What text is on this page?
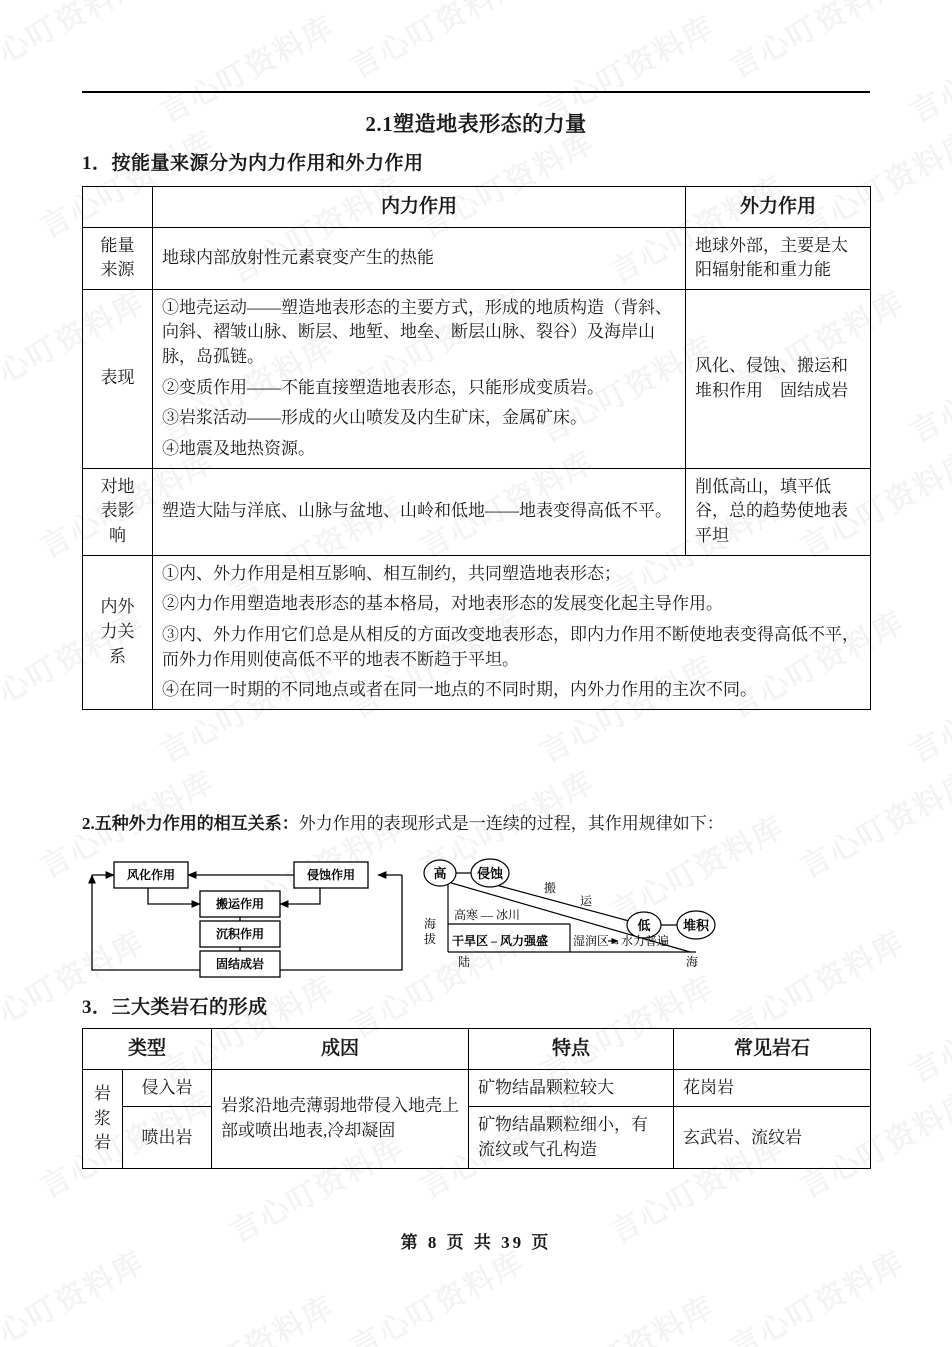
2.1塑造地表形态的力量
1．按能量来源分为内力作用和外力作用
	内力作用	外力作用

能量
来源	地球内部放射性元素衰变产生的热能	地球外部，主要是太阳辐射能和重力能

表现	①地壳运动——塑造地表形态的主要方式，形成的地质构造（背斜、向斜、褶皱山脉、断层、地堑、地垒、断层山脉、裂谷）及海岸山脉，岛孤链。

②变质作用——不能直接塑造地表形态，只能形成变质岩。

③岩浆活动——形成的火山喷发及内生矿床，金属矿床。

④地震及地热资源。	风化、侵蚀、搬运和堆积作用　固结成岩

对地
表影
响	塑造大陆与洋底、山脉与盆地、山岭和低地——地表变得高低不平。	削低高山，填平低谷，总的趋势使地表平坦

内外
力关
系

①内、外力作用是相互影响、相互制约，共同塑造地表形态；

②内力作用塑造地表形态的基本格局，对地表形态的发展变化起主导作用。

③内、外力作用它们总是从相反的方面改变地表形态，即内力作用不断使地表变得高低不平，而外力作用则使高低不平的地表不断趋于平坦。

④在同一时期的不同地点或者在同一地点的不同时期，内外力作用的主次不同。

2.五种外力作用的相互关系：外力作用的表现形式是一连续的过程，其作用规律如下：
风化作用	侵蚀作用
搬运作用
沉积作用
固结成岩
高 侵蚀
低 堆积
搬
运
海
拔
高寒 — 冰川
干旱区 – 风力强盛 湿润区→水力普遍
陆	海
3．三大类岩石的形成
类型		成因	特点	常见岩石

岩
浆
岩	侵入岩	岩浆沿地壳薄弱地带侵入地壳上部或喷出地表,冷却凝固	矿物结晶颗粒较大	花岗岩
	喷出岩		矿物结晶颗粒细小，有流纹或气孔构造	玄武岩、流纹岩
第 8 页 共 39 页
